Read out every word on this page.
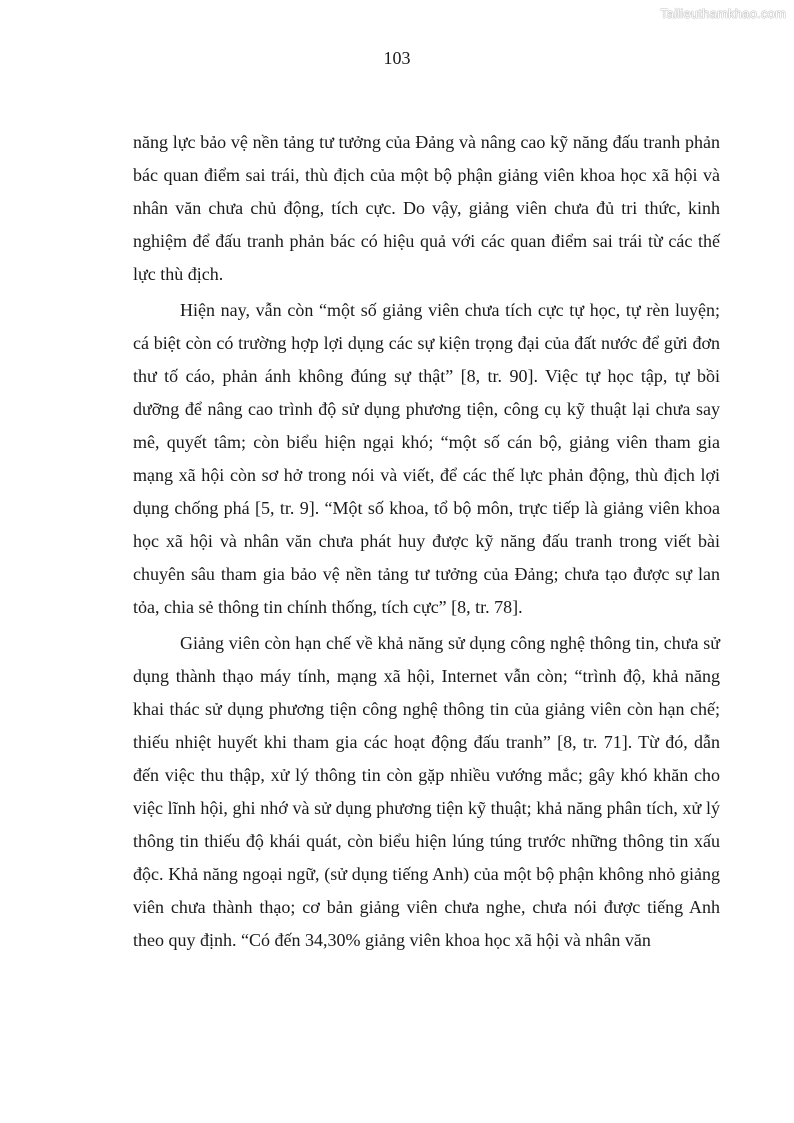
Tailieuthamkhao.com
103

năng lực bảo vệ nền tảng tư tưởng của Đảng và nâng cao kỹ năng đấu tranh phản bác quan điểm sai trái, thù địch của một bộ phận giảng viên khoa học xã hội và nhân văn chưa chủ động, tích cực. Do vậy, giảng viên chưa đủ tri thức, kinh nghiệm để đấu tranh phản bác có hiệu quả với các quan điểm sai trái từ các thế lực thù địch.

Hiện nay, vẫn còn “một số giảng viên chưa tích cực tự học, tự rèn luyện; cá biệt còn có trường hợp lợi dụng các sự kiện trọng đại của đất nước để gửi đơn thư tố cáo, phản ánh không đúng sự thật” [8, tr. 90]. Việc tự học tập, tự bồi dưỡng để nâng cao trình độ sử dụng phương tiện, công cụ kỹ thuật lại chưa say mê, quyết tâm; còn biểu hiện ngại khó; “một số cán bộ, giảng viên tham gia mạng xã hội còn sơ hở trong nói và viết, để các thế lực phản động, thù địch lợi dụng chống phá [5, tr. 9]. “Một số khoa, tổ bộ môn, trực tiếp là giảng viên khoa học xã hội và nhân văn chưa phát huy được kỹ năng đấu tranh trong viết bài chuyên sâu tham gia bảo vệ nền tảng tư tưởng của Đảng; chưa tạo được sự lan tỏa, chia sẻ thông tin chính thống, tích cực” [8, tr. 78].

Giảng viên còn hạn chế về khả năng sử dụng công nghệ thông tin, chưa sử dụng thành thạo máy tính, mạng xã hội, Internet vẫn còn; “trình độ, khả năng khai thác sử dụng phương tiện công nghệ thông tin của giảng viên còn hạn chế; thiếu nhiệt huyết khi tham gia các hoạt động đấu tranh” [8, tr. 71]. Từ đó, dẫn đến việc thu thập, xử lý thông tin còn gặp nhiều vướng mắc; gây khó khăn cho việc lĩnh hội, ghi nhớ và sử dụng phương tiện kỹ thuật; khả năng phân tích, xử lý thông tin thiếu độ khái quát, còn biểu hiện lúng túng trước những thông tin xấu độc. Khả năng ngoại ngữ, (sử dụng tiếng Anh) của một bộ phận không nhỏ giảng viên chưa thành thạo; cơ bản giảng viên chưa nghe, chưa nói được tiếng Anh theo quy định. “Có đến 34,30% giảng viên khoa học xã hội và nhân văn
